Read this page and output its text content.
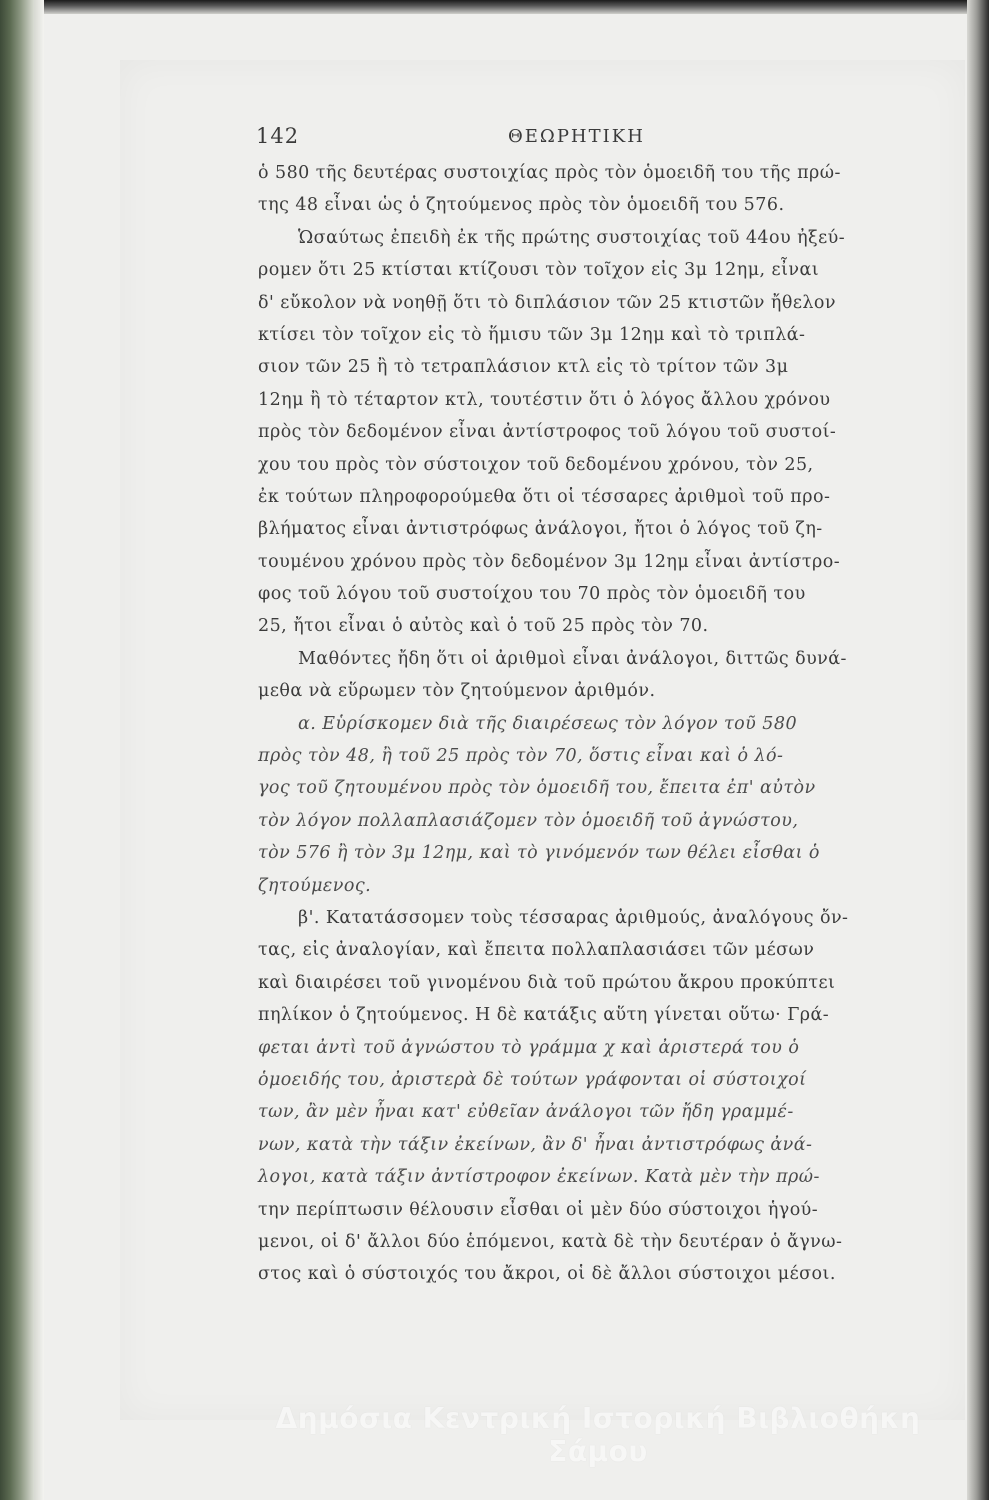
142	ΘΕΩΡΗΤΙΚΗ
ὁ 580 τῆς δευτέρας συστοιχίας πρὸς τὸν ὁμοειδῆ του τῆς πρώ-
της 48 εἶναι ὡς ὁ ζητούμενος πρὸς τὸν ὁμοειδῆ του 576.
Ὡσαύτως ἐπειδὴ ἐκ τῆς πρώτης συστοιχίας τοῦ 44ου ἠξεύ-
ρομεν ὅτι 25 κτίσται κτίζουσι τὸν τοῖχον εἰς 3μ 12ημ, εἶναι
δ' εὔκολον νὰ νοηθῇ ὅτι τὸ διπλάσιον τῶν 25 κτιστῶν ἤθελον
κτίσει τὸν τοῖχον εἰς τὸ ἥμισυ τῶν 3μ 12ημ καὶ τὸ τριπλά-
σιον τῶν 25 ἢ τὸ τετραπλάσιον κτλ εἰς τὸ τρίτον τῶν 3μ
12ημ ἢ τὸ τέταρτον κτλ, τουτέστιν ὅτι ὁ λόγος ἄλλου χρόνου
πρὸς τὸν δεδομένον εἶναι ἀντίστροφος τοῦ λόγου τοῦ συστοί-
χου του πρὸς τὸν σύστοιχον τοῦ δεδομένου χρόνου, τὸν 25,
ἐκ τούτων πληροφορούμεθα ὅτι οἱ τέσσαρες ἀριθμοὶ τοῦ προ-
βλήματος εἶναι ἀντιστρόφως ἀνάλογοι, ἤτοι ὁ λόγος τοῦ ζη-
τουμένου χρόνου πρὸς τὸν δεδομένον 3μ 12ημ εἶναι ἀντίστρο-
φος τοῦ λόγου τοῦ συστοίχου του 70 πρὸς τὸν ὁμοειδῆ του
25, ἤτοι εἶναι ὁ αὐτὸς καὶ ὁ τοῦ 25 πρὸς τὸν 70.
Μαθόντες ἤδη ὅτι οἱ ἀριθμοὶ εἶναι ἀνάλογοι, διττῶς δυνά-
μεθα νὰ εὕρωμεν τὸν ζητούμενον ἀριθμόν.
α. Εὑρίσκομεν διὰ τῆς διαιρέσεως τὸν λόγον τοῦ 580
πρὸς τὸν 48, ἢ τοῦ 25 πρὸς τὸν 70, ὅστις εἶναι καὶ ὁ λό-
γος τοῦ ζητουμένου πρὸς τὸν ὁμοειδῆ του, ἔπειτα ἐπ' αὐτὸν
τὸν λόγον πολλαπλασιάζομεν τὸν ὁμοειδῆ τοῦ ἀγνώστου,
τὸν 576 ἢ τὸν 3μ 12ημ, καὶ τὸ γινόμενόν των θέλει εἶσθαι ὁ
ζητούμενος.
β'. Κατατάσσομεν τοὺς τέσσαρας ἀριθμούς, ἀναλόγους ὄν-
τας, εἰς ἀναλογίαν, καὶ ἔπειτα πολλαπλασιάσει τῶν μέσων
καὶ διαιρέσει τοῦ γινομένου διὰ τοῦ πρώτου ἄκρου προκύπτει
πηλίκον ὁ ζητούμενος. Η δὲ κατάξις αὕτη γίνεται οὕτω· Γρά-
φεται ἀντὶ τοῦ ἀγνώστου τὸ γράμμα χ καὶ ἀριστερά του ὁ
ὁμοειδής του, ἀριστερὰ δὲ τούτων γράφονται οἱ σύστοιχοί
των, ἂν μὲν ἦναι κατ' εὐθεῖαν ἀνάλογοι τῶν ἤδη γραμμέ-
νων, κατὰ τὴν τάξιν ἐκείνων, ἂν δ' ἦναι ἀντιστρόφως ἀνά-
λογοι, κατὰ τάξιν ἀντίστροφον ἐκείνων. Κατὰ μὲν τὴν πρώ-
την περίπτωσιν θέλουσιν εἶσθαι οἱ μὲν δύο σύστοιχοι ἡγού-
μενοι, οἱ δ' ἄλλοι δύο ἑπόμενοι, κατὰ δὲ τὴν δευτέραν ὁ ἄγνω-
στος καὶ ὁ σύστοιχός του ἄκροι, οἱ δὲ ἄλλοι σύστοιχοι μέσοι.
Δημόσια Κεντρική Ιστορική Βιβλιοθήκη Σάμου
